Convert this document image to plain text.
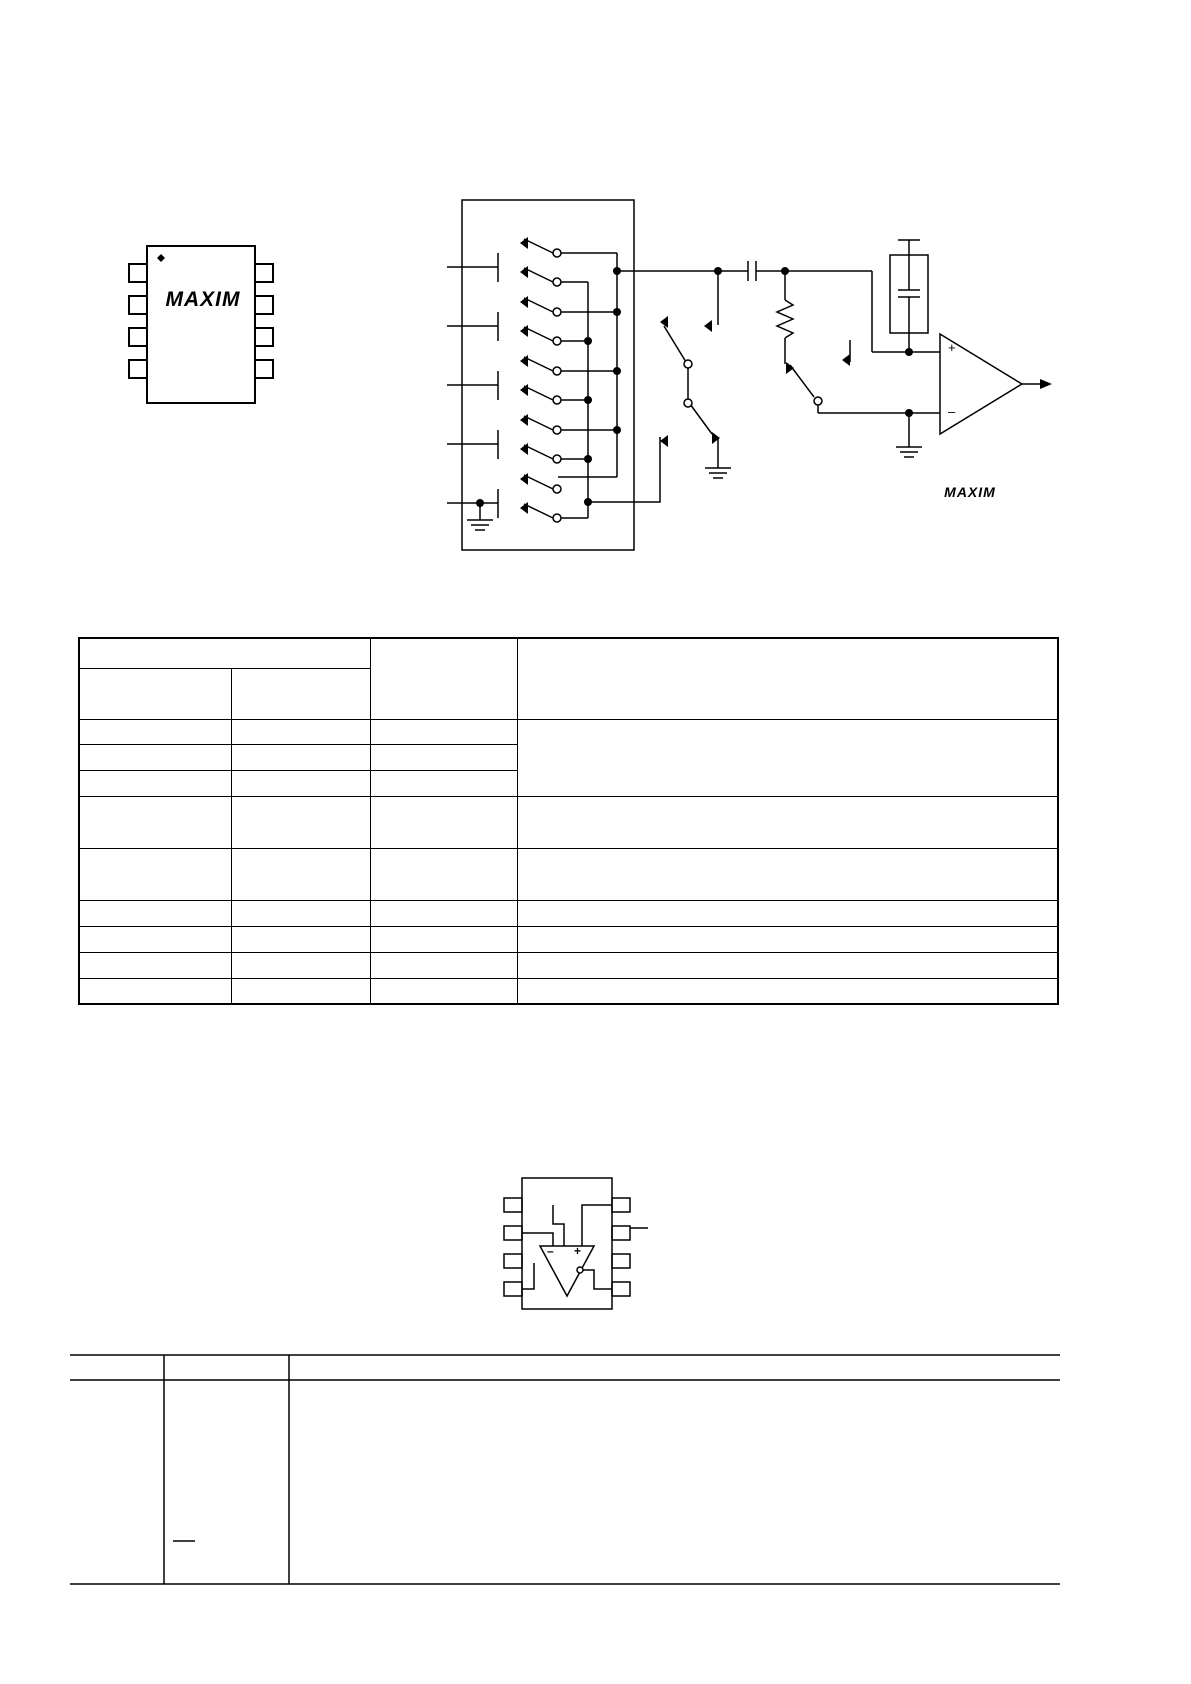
MAXIM
+
–
MAXIM

– +
